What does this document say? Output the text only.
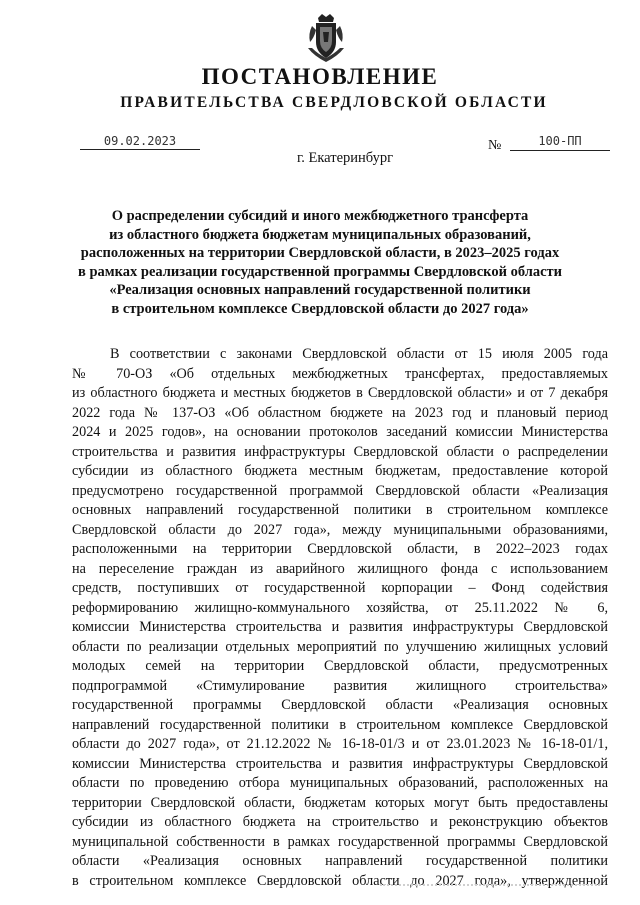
ПОСТАНОВЛЕНИЕ
ПРАВИТЕЛЬСТВА СВЕРДЛОВСКОЙ ОБЛАСТИ
09.02.2023	№	100-ПП
г. Екатеринбург
О распределении субсидий и иного межбюджетного трансферта
из областного бюджета бюджетам муниципальных образований,
расположенных на территории Свердловской области, в 2023–2025 годах
в рамках реализации государственной программы Свердловской области
«Реализация основных направлений государственной политики
в строительном комплексе Свердловской области до 2027 года»
В соответствии с законами Свердловской области от 15 июля 2005 года
№ 70-ОЗ «Об отдельных межбюджетных трансфертах, предоставляемых
из областного бюджета и местных бюджетов в Свердловской области» и от 7 декабря
2022 года № 137-ОЗ «Об областном бюджете на 2023 год и плановый период
2024 и 2025 годов», на основании протоколов заседаний комиссии Министерства
строительства и развития инфраструктуры Свердловской области о распределении
субсидии из областного бюджета местным бюджетам, предоставление которой
предусмотрено государственной программой Свердловской области «Реализация
основных направлений государственной политики в строительном комплексе
Свердловской области до 2027 года», между муниципальными образованиями,
расположенными на территории Свердловской области, в 2022–2023 годах
на переселение граждан из аварийного жилищного фонда с использованием
средств, поступивших от государственной корпорации – Фонд содействия
реформированию жилищно-коммунального хозяйства, от 25.11.2022 № 6,
комиссии Министерства строительства и развития инфраструктуры Свердловской
области по реализации отдельных мероприятий по улучшению жилищных условий
молодых семей на территории Свердловской области, предусмотренных
подпрограммой «Стимулирование развития жилищного строительства»
государственной программы Свердловской области «Реализация основных
направлений государственной политики в строительном комплексе Свердловской
области до 2027 года», от 21.12.2022 № 16-18-01/3 и от 23.01.2023 № 16-18-01/1,
комиссии Министерства строительства и развития инфраструктуры Свердловской
области по проведению отбора муниципальных образований, расположенных на
территории Свердловской области, бюджетам которых могут быть предоставлены
субсидии из областного бюджета на строительство и реконструкцию объектов
муниципальной собственности в рамках государственной программы Свердловской
области «Реализация основных направлений государственной политики
в строительном комплексе Свердловской области до 2027 года», утвержденной
